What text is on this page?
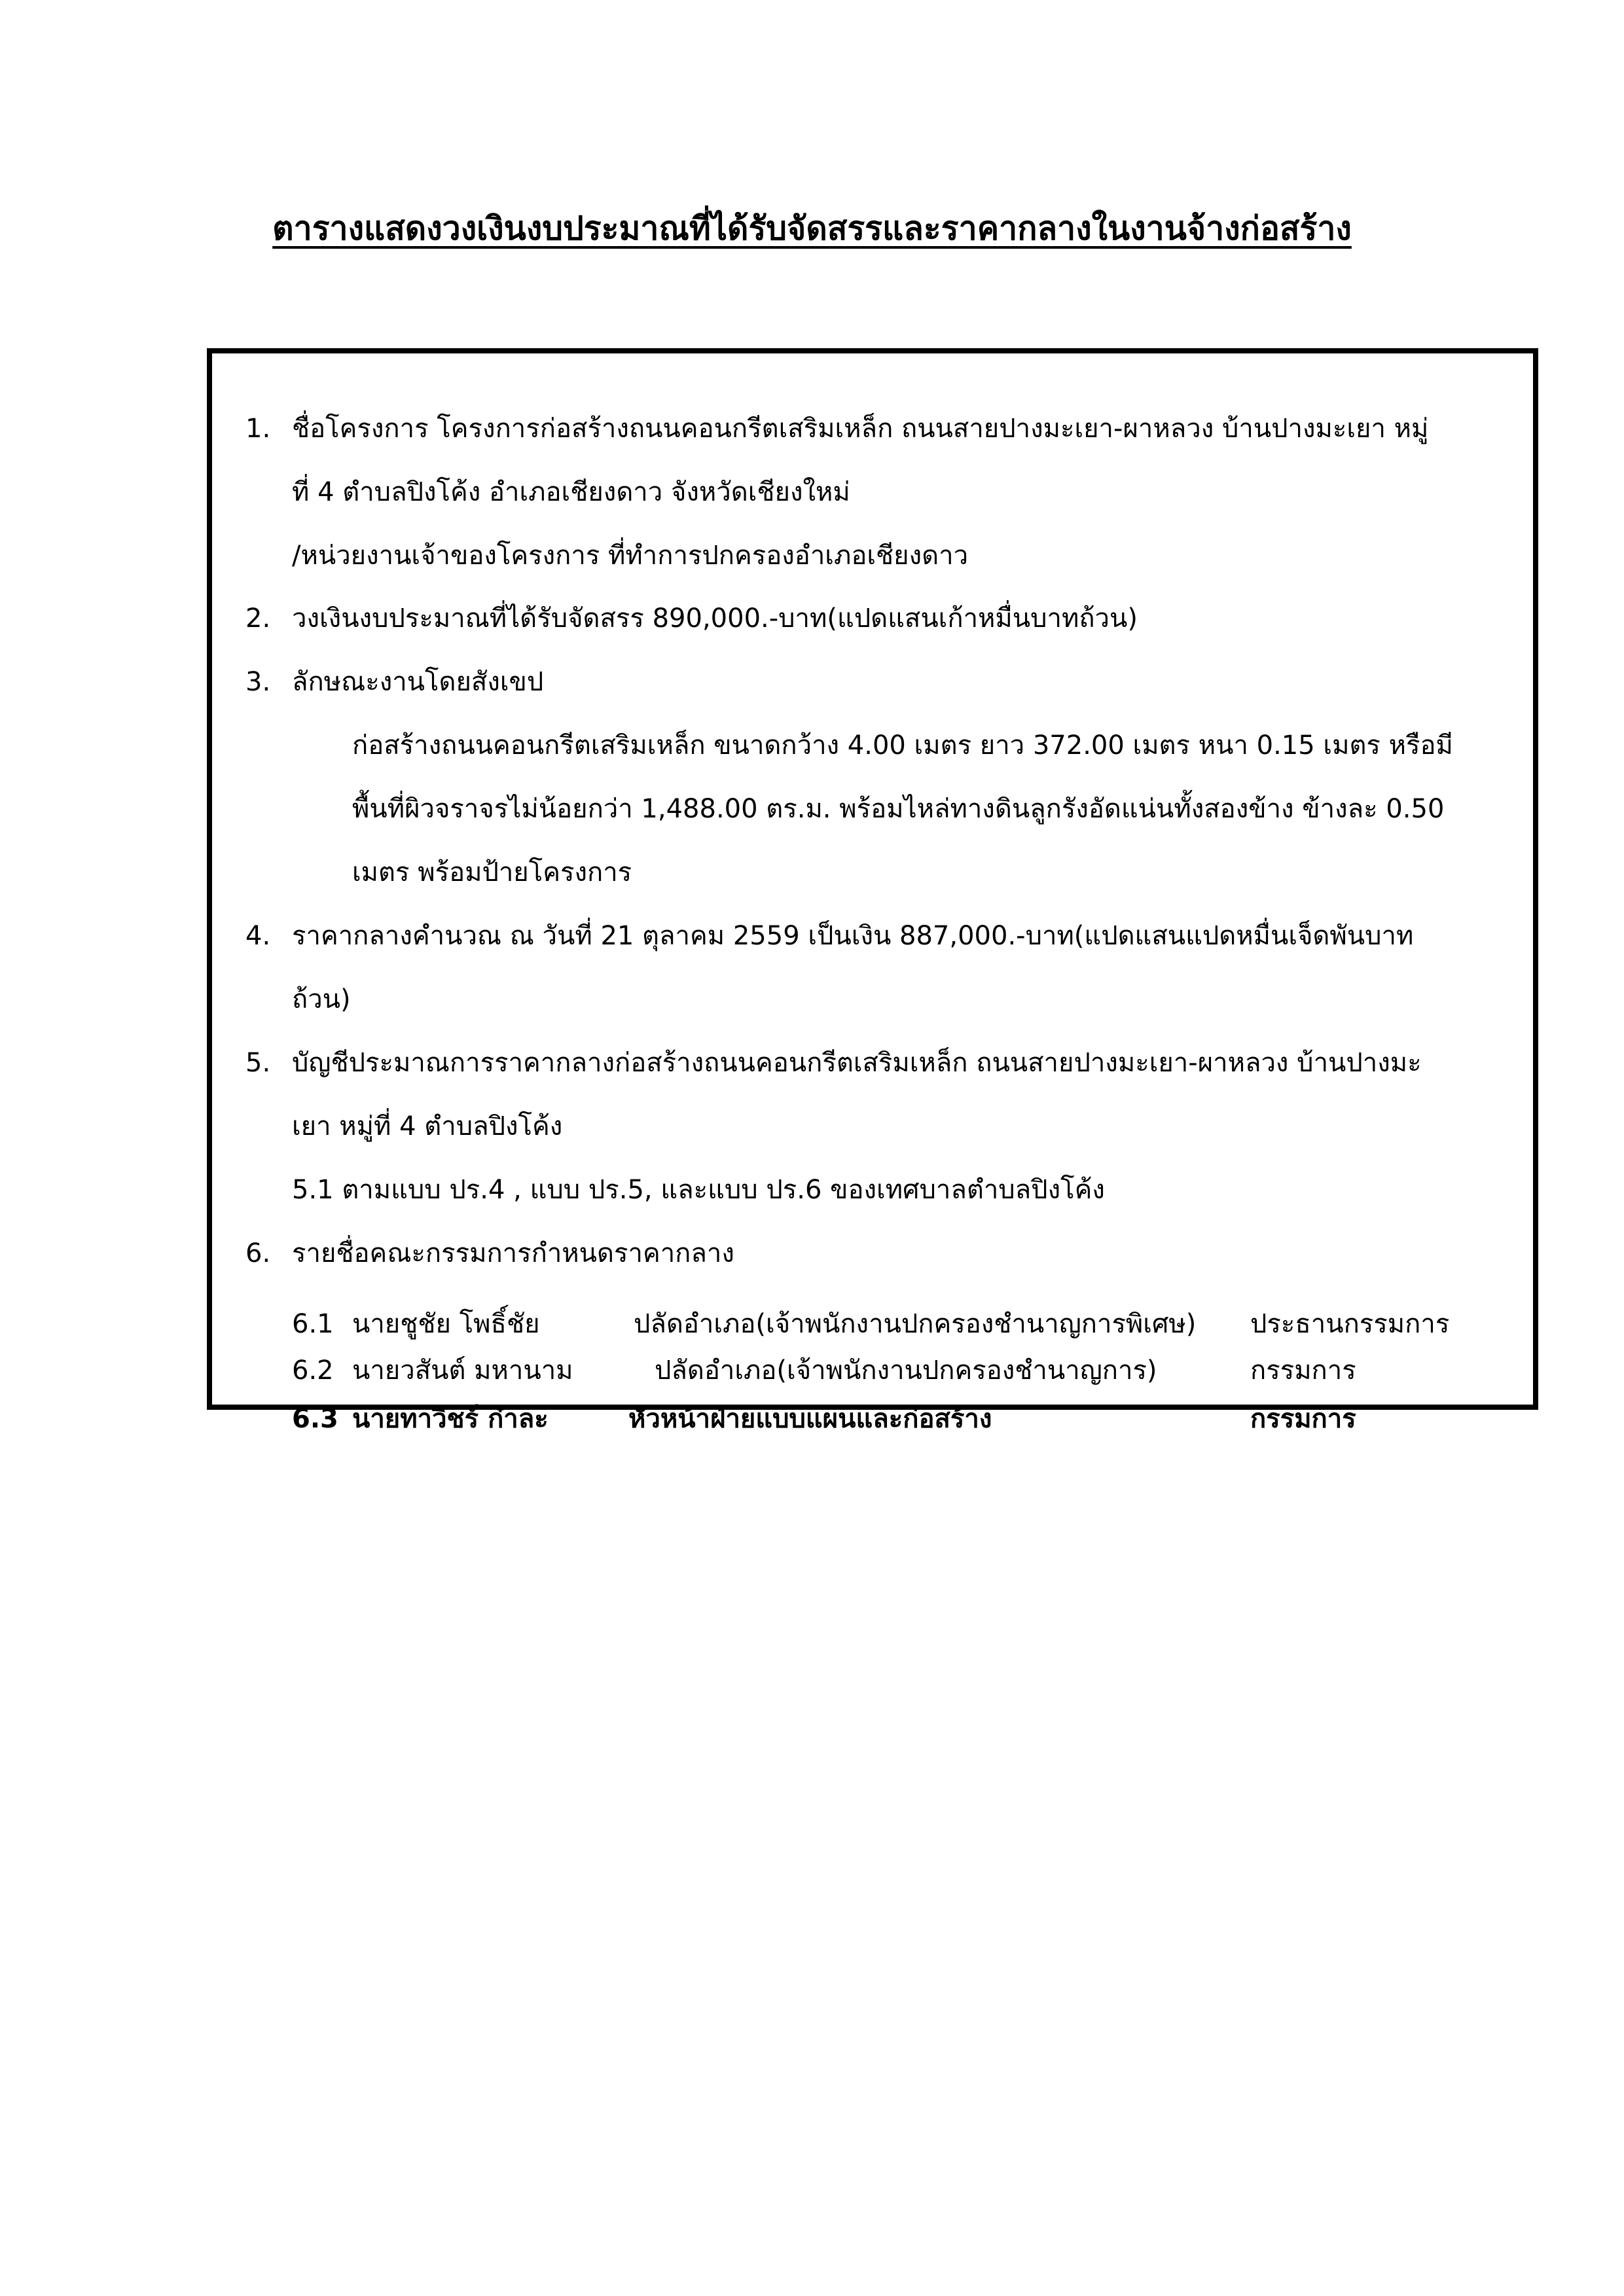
ตารางแสดงวงเงินงบประมาณที่ได้รับจัดสรรและราคากลางในงานจ้างก่อสร้าง
1. ชื่อโครงการ โครงการก่อสร้างถนนคอนกรีตเสริมเหล็ก ถนนสายปางมะเยา-ผาหลวง บ้านปางมะเยา หมู่
ที่ 4 ตำบลปิงโค้ง อำเภอเชียงดาว จังหวัดเชียงใหม่
/หน่วยงานเจ้าของโครงการ ที่ทำการปกครองอำเภอเชียงดาว
2. วงเงินงบประมาณที่ได้รับจัดสรร 890,000.-บาท(แปดแสนเก้าหมื่นบาทถ้วน)
3. ลักษณะงานโดยสังเขป
ก่อสร้างถนนคอนกรีตเสริมเหล็ก ขนาดกว้าง 4.00 เมตร ยาว 372.00 เมตร หนา 0.15 เมตร หรือมี
พื้นที่ผิวจราจรไม่น้อยกว่า 1,488.00 ตร.ม. พร้อมไหล่ทางดินลูกรังอัดแน่นทั้งสองข้าง ข้างละ 0.50
เมตร พร้อมป้ายโครงการ
4. ราคากลางคำนวณ ณ วันที่ 21 ตุลาคม 2559 เป็นเงิน 887,000.-บาท(แปดแสนแปดหมื่นเจ็ดพันบาท
ถ้วน)
5. บัญชีประมาณการราคากลางก่อสร้างถนนคอนกรีตเสริมเหล็ก ถนนสายปางมะเยา-ผาหลวง บ้านปางมะ
เยา หมู่ที่ 4 ตำบลปิงโค้ง
5.1 ตามแบบ ปร.4 , แบบ ปร.5, และแบบ ปร.6 ของเทศบาลตำบลปิงโค้ง
6. รายชื่อคณะกรรมการกำหนดราคากลาง
6.1 นายชูชัย โพธิ์ชัย	ปลัดอำเภอ(เจ้าพนักงานปกครองชำนาญการพิเศษ) ประธานกรรมการ
6.2 นายวสันต์ มหานาม	ปลัดอำเภอ(เจ้าพนักงานปกครองชำนาญการ)	กรรมการ
6.3 นายทาวิชร์ ก๋าละ	หัวหน้าฝ่ายแบบแผนและก่อสร้าง	กรรมการ
